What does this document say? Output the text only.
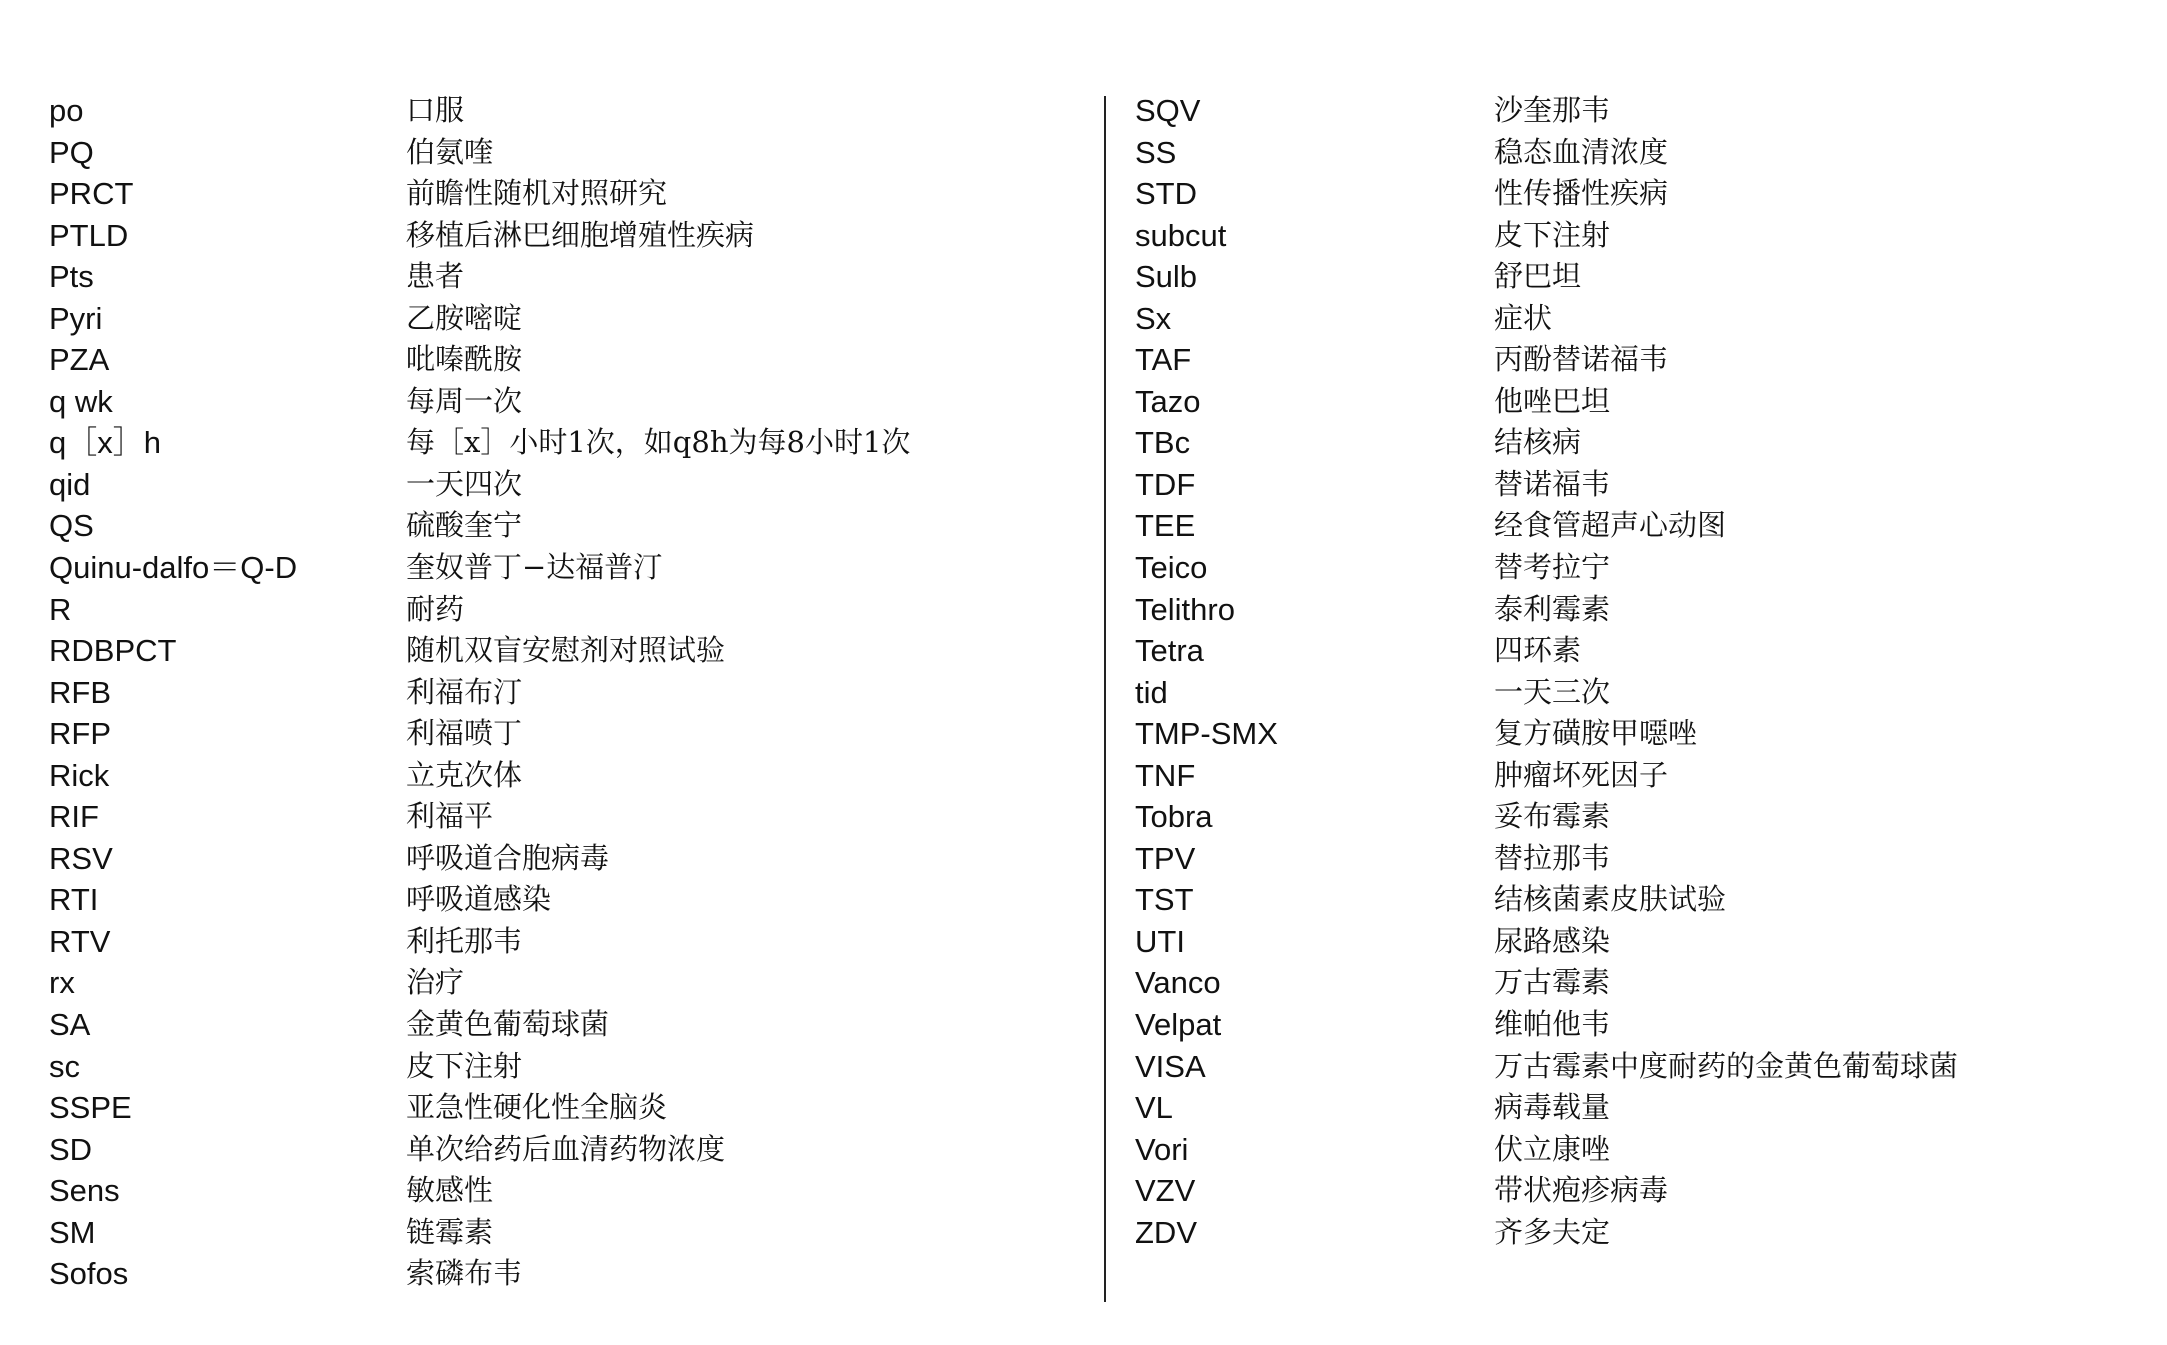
po	口服
PQ	伯氨喹
PRCT	前瞻性随机对照研究
PTLD	移植后淋巴细胞增殖性疾病
Pts	患者
Pyri	乙胺嘧啶
PZA	吡嗪酰胺
q wk	每周一次
q［x］h	每［x］小时1次，如q8h为每8小时1次
qid	一天四次
QS	硫酸奎宁
Quinu-dalfo＝Q-D	奎奴普丁−达福普汀
R	耐药
RDBPCT	随机双盲安慰剂对照试验
RFB	利福布汀
RFP	利福喷丁
Rick	立克次体
RIF	利福平
RSV	呼吸道合胞病毒
RTI	呼吸道感染
RTV	利托那韦
rx	治疗
SA	金黄色葡萄球菌
sc	皮下注射
SSPE	亚急性硬化性全脑炎
SD	单次给药后血清药物浓度
Sens	敏感性
SM	链霉素
Sofos	索磷布韦
SQV	沙奎那韦
SS	稳态血清浓度
STD	性传播性疾病
subcut	皮下注射
Sulb	舒巴坦
Sx	症状
TAF	丙酚替诺福韦
Tazo	他唑巴坦
TBc	结核病
TDF	替诺福韦
TEE	经食管超声心动图
Teico	替考拉宁
Telithro	泰利霉素
Tetra	四环素
tid	一天三次
TMP-SMX	复方磺胺甲噁唑
TNF	肿瘤坏死因子
Tobra	妥布霉素
TPV	替拉那韦
TST	结核菌素皮肤试验
UTI	尿路感染
Vanco	万古霉素
Velpat	维帕他韦
VISA	万古霉素中度耐药的金黄色葡萄球菌
VL	病毒载量
Vori	伏立康唑
VZV	带状疱疹病毒
ZDV	齐多夫定
